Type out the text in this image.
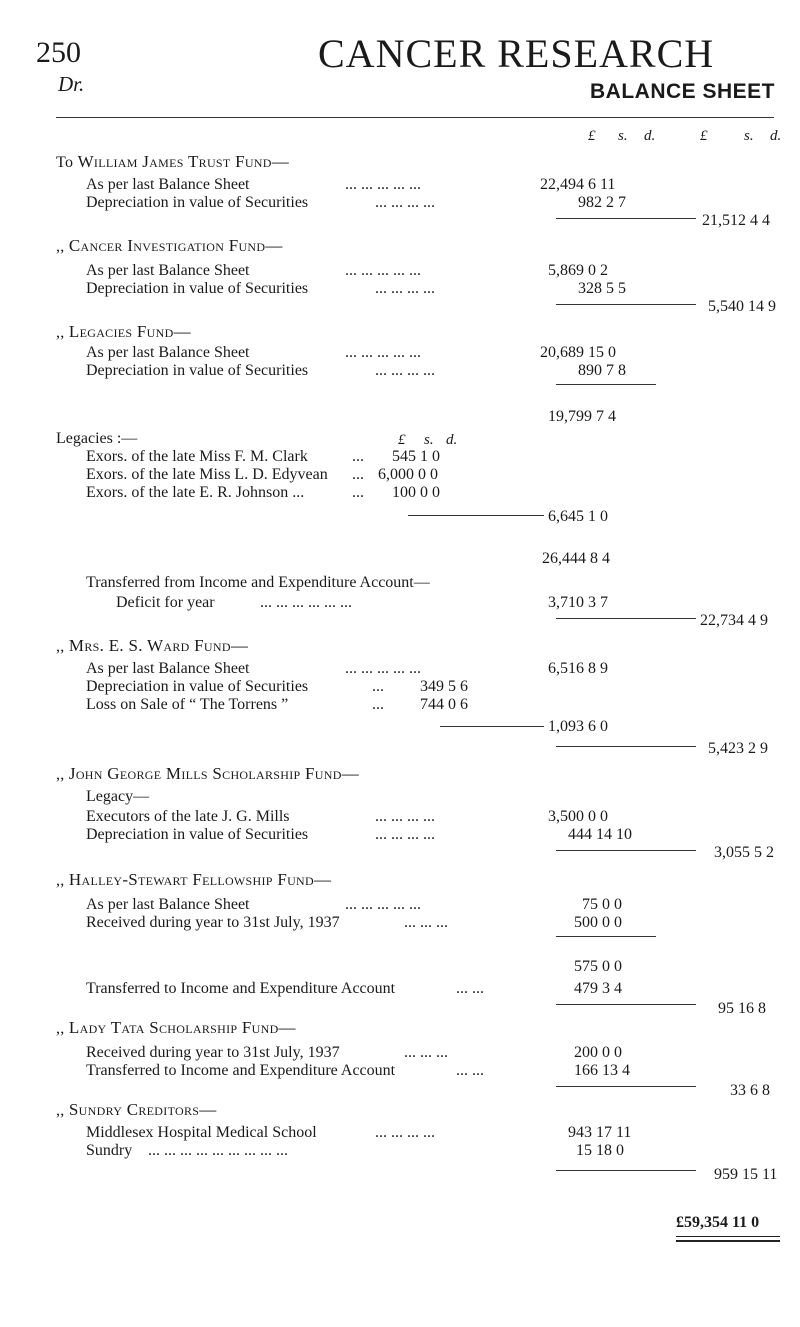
250	CANCER RESEARCH
Dr.	BALANCE SHEET
£ s. d.	£ s. d.
To William James Trust Fund—
As per last Balance Sheet	... ... ... ... ...	22,494 6 11
Depreciation in value of Securities	... ... ... ...	982 2 7
21,512 4 4
,, Cancer Investigation Fund—
As per last Balance Sheet	... ... ... ... ...	5,869 0 2
Depreciation in value of Securities	... ... ... ...	328 5 5
5,540 14 9
,, Legacies Fund—
As per last Balance Sheet	... ... ... ... ...	20,689 15 0
Depreciation in value of Securities	... ... ... ...	890 7 8
19,799 7 4
Legacies :—	£ s. d.
Exors. of the late Miss F. M. Clark	... 545 1 0
Exors. of the late Miss L. D. Edyvean ... 6,000 0 0
Exors. of the late E. R. Johnson ...	... 100 0 0
6,645 1 0
26,444 8 4
Transferred from Income and Expenditure Account—
Deficit for year	... ... ... ... ... ...	3,710 3 7
22,734 4 9
,, Mrs. E. S. Ward Fund—
As per last Balance Sheet	... ... ... ... ...	6,516 8 9
Depreciation in value of Securities	... 349 5 6
Loss on Sale of “ The Torrens ”	... 744 0 6
1,093 6 0
5,423 2 9
,, John George Mills Scholarship Fund—
Legacy—
Executors of the late J. G. Mills	... ... ... ...	3,500 0 0
Depreciation in value of Securities	... ... ... ...	444 14 10
3,055 5 2
,, Halley-Stewart Fellowship Fund—
As per last Balance Sheet	... ... ... ... ...	75 0 0
Received during year to 31st July, 1937	... ... ...	500 0 0
575 0 0
Transferred to Income and Expenditure Account	... ...	479 3 4
95 16 8
,, Lady Tata Scholarship Fund—
Received during year to 31st July, 1937	... ... ...	200 0 0
Transferred to Income and Expenditure Account	... ...	166 13 4
33 6 8
,, Sundry Creditors—
Middlesex Hospital Medical School	... ... ... ...	943 17 11
Sundry ... ... ... ... ... ... ... ... ...	15 18 0
959 15 11
£59,354 11 0
